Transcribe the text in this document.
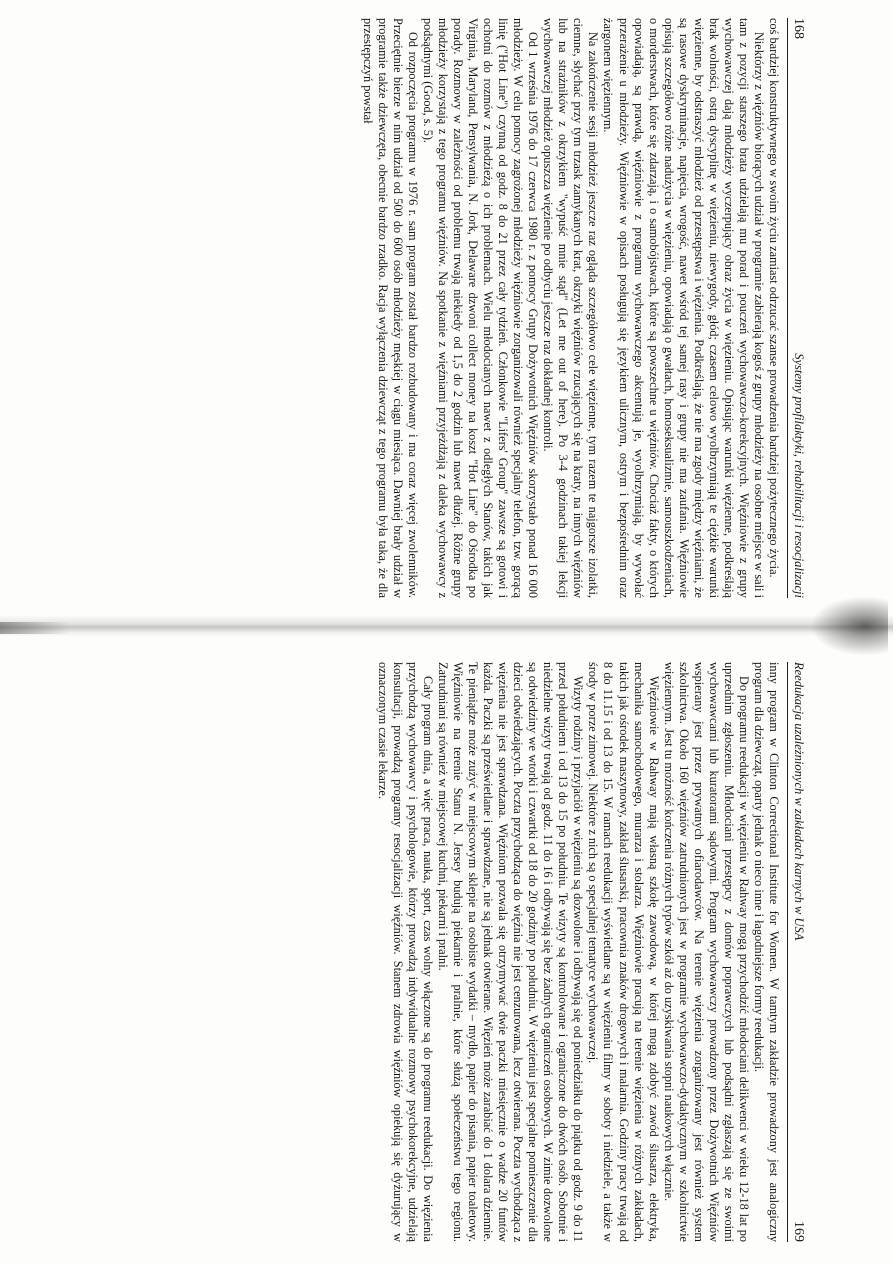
168
Systemy profilaktyki, rehabilitacji i resocjalizacji

coś bardziej konstruktywnego w swoim życiu zamiast odrzucać szanse prowadzenia bardziej pożytecznego życia.

Niektórzy z więźniów biorących udział w programie zabierają kogoś z grupy młodzieży na osobne miejsce w sali i tam z pozycji starszego brata udzielają mu porad i pouczeń wychowawczo-korekcyjnych. Więźniowie z grupy wychowawczej dają młodzieży wyczerpujący obraz życia w więzieniu. Opisując warunki więzienne, podkreślają brak wolności, ostrą dyscyplinę w więzieniu, niewygody, głód; czasem celowo wyolbrzymiają te ciężkie warunki więzienne, by odstraszyć młodzież od przestępstwa i więzienia. Podkreślają, że nie ma zgody między więźniami, że są rasowe dyskryminacje, napięcia, wrogość, nawet wśród tej samej rasy i grupy nie ma zaufania. Więźniowie opisują szczegółowo różne nadużycia w więzieniu, opowiadają o gwałtach, homoseksualizmie, samouszkodzeniach, o morderstwach, które się zdarzają, i o samobójstwach, które są powszechne u więźniów. Chociaż fakty, o których opowiadają, są prawdą, więźniowie z programu wychowawczego akcentują je, wyolbrzymiają, by wywołać przerażenie u młodzieży. Więźniowie w opisach posługują się językiem ulicznym, ostrym i bezpośrednim oraz żargonem więziennym.

Na zakończenie sesji młodzież jeszcze raz ogląda szczegółowo cele więzienne, tym razem te najgorsze izolatki, ciemne, słychać przy tym trzask zamykanych krat, okrzyki więźniów rzucających się na kraty, na innych więźniów lub na strażników z okrzykiem "wypuść mnie stąd" (Let me out of here). Po 3-4 godzinach takiej lekcji wychowawczej młodzież opuszcza więzienie po odbyciu jeszcze raz dokładnej kontroli.

Od 1 września 1976 do 17 czerwca 1980 r. z pomocy Grupy Dożywotnich Więźniów skorzystało ponad 16 000 młodzieży. W celu pomocy zagrożonej młodzieży więźniowie zorganizowali również specjalny telefon, tzw. gorącą linię ("Hot Line") czynną od godz. 8 do 21 przez cały tydzień. Członkowie "Lifers' Group" zawsze są gotowi i ochotni do rozmów z młodzieżą o ich problemach. Wielu młodocianych nawet z odległych Stanów, takich jak Virginia, Maryland, Pensylwania, N. Jork, Delaware dzwoni collect money na koszt "Hot Line" do Ośrodka po porady. Rozmowy w zależności od problemu trwają niekiedy od 1,5 do 2 godzin lub nawet dłużej. Różne grupy młodzieży korzystają z tego programu więźniów. Na spotkanie z więźniami przyjeżdżają z daleka wychowawcy z podsądnymi (Good, s. 5).

Od rozpoczęcia programu w 1976 r. sam program został bardzo rozbudowany i ma coraz więcej zwolenników. Przeciętnie bierze w nim udział od 500 do 600 osób młodzieży męskiej w ciągu miesiąca. Dawniej brały udział w programie także dziewczęta, obecnie bardzo rzadko. Racja wyłączenia dziewcząt z tego programu była taka, że dla przestępczyń powstał

Reedukacja uzależnionych w zakładach karnych w USA
169

inny program w Clinton Correctional Institute for Women. W tamtym zakładzie prowadzony jest analogiczny program dla dziewcząt, oparty jednak o nieco inne i łagodniejsze formy reedukacji.

Do programu reedukacji w więzieniu w Rahway mogą przychodzić młodociani delikwenci w wieku 12-18 lat po uprzednim zgłoszeniu. Młodociani przestępcy z domów poprawczych lub podsądni zgłaszają się ze swoimi wychowawcami lub kuratorami sądowymi. Program wychowawczy prowadzony przez Dożywotnich Więźniów wspierany jest przez prywatnych ofiarodawców. Na terenie więzienia zorganizowany jest również system szkolnictwa. Około 160 więźniów zatrudnionych jest w programie wychowawczo-dydaktycznym w szkolnictwie więziennym. Jest tu możność kończenia różnych typów szkół aż do uzyskiwania stopni naukowych włącznie.

Więźniowie w Rahway mają własną szkołę zawodową, w której mogą zdobyć zawód ślusarza, elektryka, mechanika samochodowego, murarza i stolarza. Więźniowie pracują na terenie więzienia w różnych zakładach, takich jak ośrodek maszynowy, zakład ślusarski, pracownia znaków drogowych i malarnia. Godziny pracy trwają od 8 do 11.15 i od 13 do 15. W ramach reedukacji wyświetlane są w więzieniu filmy w soboty i niedziele, a także w środy w porze zimowej. Niektóre z nich są o specjalnej tematyce wychowawczej.

Wizyty rodziny i przyjaciół w więzieniu są dozwolone i odbywają się od poniedziałku do piątku od godz. 9 do 11 przed południem i od 13 do 15 po południu. Te wizyty są kontrolowane i ograniczone do dwóch osób. Sobotnie i niedzielne wizyty trwają od godz. 11 do 16 i odbywają się bez żadnych ograniczeń osobowych. W zimie dozwolone są odwiedziny we wtorki i czwartki od 18 do 20 godziny po południu. W więzieniu jest specjalne pomieszczenie dla dzieci odwiedzających. Poczta przychodząca do więźnia nie jest cenzurowana, lecz otwierana. Poczta wychodząca z więzienia nie jest sprawdzana. Więźniom pozwala się otrzymywać dwie paczki miesięcznie o wadze 20 funtów każda. Paczki są prześwietlane i sprawdzane, nie są jednak otwierane. Więzień może zarabiać do 1 dolara dziennie. Te pieniądze może zużyć w miejscowym sklepie na osobiste wydatki – mydło, papier do pisania, papier toaletowy. Więźniowie na terenie Stanu N. Jersey budują piekarnie i pralnie, które służą społeczeństwu tego regionu. Zatrudniani są również w miejscowej kuchni, piekarni i pralni.

Cały program dnia, a więc praca, nauka, sport, czas wolny włączone są do programu reedukacji. Do więzienia przychodzą wychowawcy i psychologowie, którzy prowadzą indywidualne rozmowy psychokorekcyjne, udzielają konsultacji, prowadzą programy resocjalizacji więźniów. Stanem zdrowia więźniów opiekują się dyżurujący w oznaczonym czasie lekarze.
